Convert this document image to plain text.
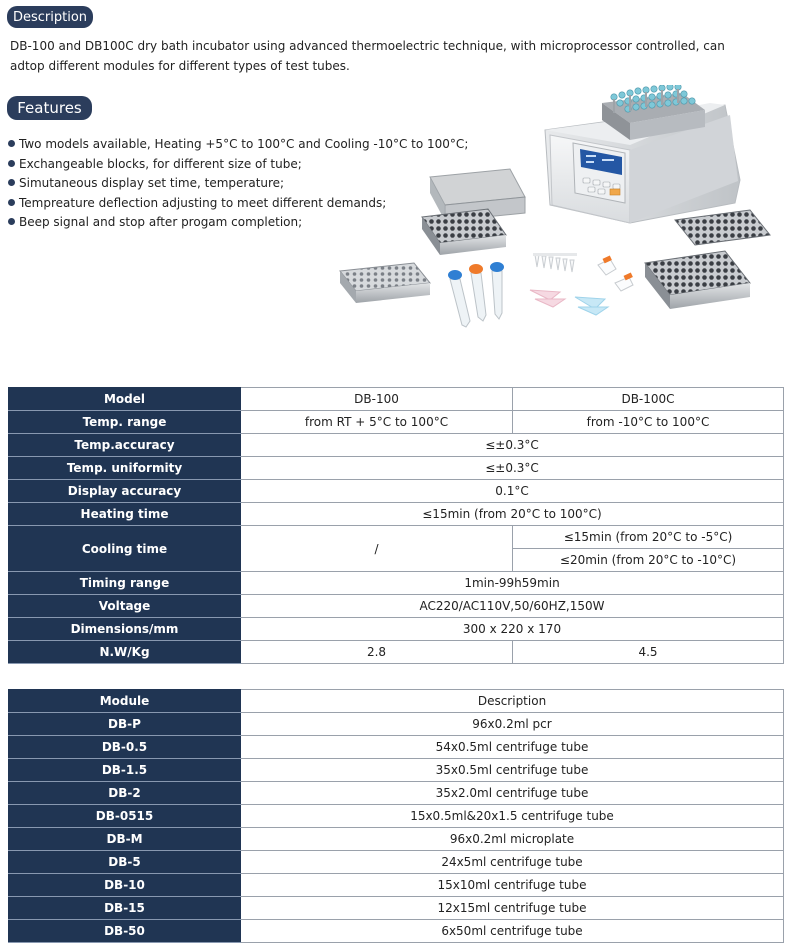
Description
DB-100 and DB100C dry bath incubator using advanced thermoelectric technique, with microprocessor controlled, can
adtop different modules for different types of test tubes.
Features
Two models available, Heating +5°C to 100°C and Cooling -10°C to 100°C;
Exchangeable blocks, for different size of tube;
Simutaneous display set time, temperature;
Tempreature deflection adjusting to meet different demands;
Beep signal and stop after progam completion;
Model	DB-100	DB-100C
Temp. range	from RT + 5°C to 100°C	from -10°C to 100°C
Temp.accuracy	≤±0.3°C	
Temp. uniformity	≤±0.3°C	
Display accuracy	0.1°C	
Heating time	≤15min (from 20°C to 100°C)	
Cooling time	/	≤15min (from 20°C to -5°C)
		≤20min (from 20°C to -10°C)
Timing range	1min-99h59min	
Voltage	AC220/AC110V,50/60HZ,150W	
Dimensions/mm	300 x 220 x 170	
N.W/Kg	2.8	4.5
Module	Description
DB-P	96x0.2ml pcr
DB-0.5	54x0.5ml centrifuge tube
DB-1.5	35x0.5ml centrifuge tube
DB-2	35x2.0ml centrifuge tube
DB-0515	15x0.5ml&20x1.5 centrifuge tube
DB-M	96x0.2ml microplate
DB-5	24x5ml centrifuge tube
DB-10	15x10ml centrifuge tube
DB-15	12x15ml centrifuge tube
DB-50	6x50ml centrifuge tube
